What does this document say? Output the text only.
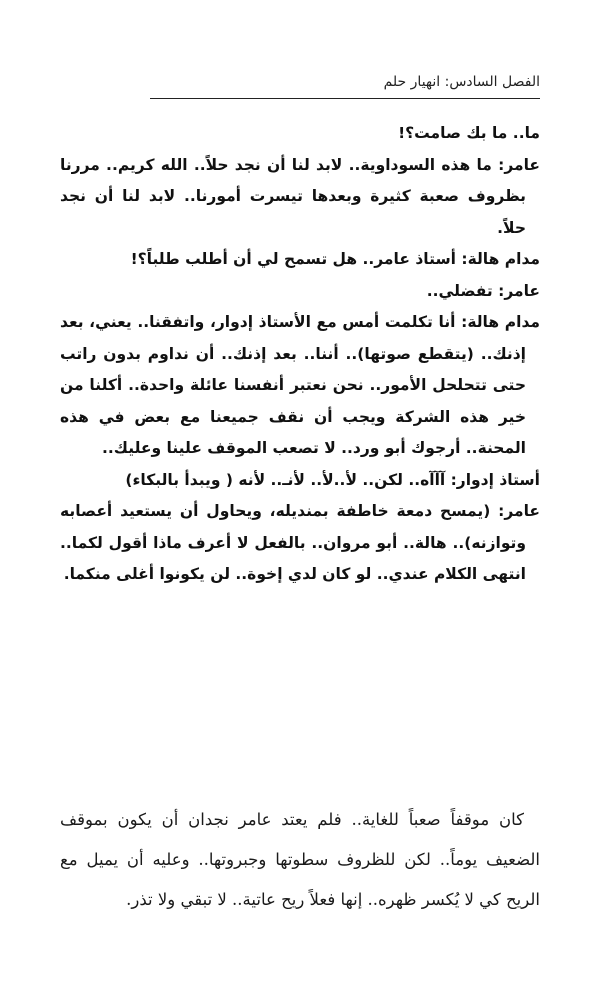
الفصل السادس: انهيار حلم

ما.. ما بك صامت؟!

عامر: ما هذه السوداوية.. لابد لنا أن نجد حلاً.. الله كريم.. مررنا بظروف صعبة كثيرة وبعدها تيسرت أمورنا.. لابد لنا أن نجد حلاً.

مدام هالة: أستاذ عامر.. هل تسمح لي أن أطلب طلباً؟!

عامر: تفضلي..

مدام هالة: أنا تكلمت أمس مع الأستاذ إدوار، واتفقنا.. يعني، بعد إذنك.. (يتقطع صوتها).. أننا.. بعد إذنك.. أن نداوم بدون راتب حتى تتحلحل الأمور.. نحن نعتبر أنفسنا عائلة واحدة.. أكلنا من خير هذه الشركة ويجب أن نقف جميعنا مع بعض في هذه المحنة.. أرجوك أبو ورد.. لا تصعب الموقف علينا وعليك..

أستاذ إدوار: آآآه.. لكن.. لأ..لأ.. لأنـ.. لأنه ( ويبدأ بالبكاء)

عامر: (يمسح دمعة خاطفة بمنديله، ويحاول أن يستعيد أعصابه وتوازنه).. هالة.. أبو مروان.. بالفعل لا أعرف ماذا أقول لكما.. انتهى الكلام عندي.. لو كان لدي إخوة.. لن يكونوا أغلى منكما.

كان موقفاً صعباً للغاية.. فلم يعتد عامر نجدان أن يكون بموقف الضعيف يوماً.. لكن للظروف سطوتها وجبروتها.. وعليه أن يميل مع الريح كي لا يُكسر ظهره.. إنها فعلاً ريح عاتية.. لا تبقي ولا تذر.
